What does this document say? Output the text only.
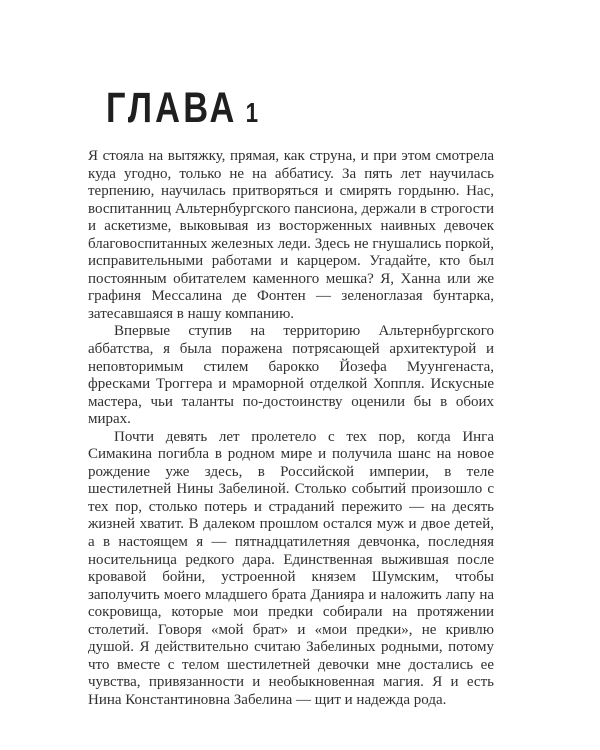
ГЛАВА 1

Я стояла на вытяжку, прямая, как струна, и при этом смотрела куда угодно, только не на аббатису. За пять лет научилась терпению, научилась притворяться и смирять гордыню. Нас, воспитанниц Альтернбургского пансиона, держали в строгости и аскетизме, выковывая из восторженных наивных девочек благовоспитанных железных леди. Здесь не гнушались поркой, исправительными работами и карцером. Угадайте, кто был постоянным обитателем каменного мешка? Я, Ханна или же графиня Мессалина де Фонтен — зеленоглазая бунтарка, затесавшаяся в нашу компанию.

Впервые ступив на территорию Альтернбургского аббатства, я была поражена потрясающей архитектурой и неповторимым стилем барокко Йозефа Муунгенаста, фресками Троггера и мраморной отделкой Хоппля. Искусные мастера, чьи таланты по-достоинству оценили бы в обоих мирах.

Почти девять лет пролетело с тех пор, когда Инга Симакина погибла в родном мире и получила шанс на новое рождение уже здесь, в Российской империи, в теле шестилетней Нины Забелиной. Столько событий произошло с тех пор, столько потерь и страданий пережито — на десять жизней хватит. В далеком прошлом остался муж и двое детей, а в настоящем я — пятнадцатилетняя девчонка, последняя носительница редкого дара. Единственная выжившая после кровавой бойни, устроенной князем Шумским, чтобы заполучить моего младшего брата Данияра и наложить лапу на сокровища, которые мои предки собирали на протяжении столетий. Говоря «мой брат» и «мои предки», не кривлю душой. Я действительно считаю Забелиных родными, потому что вместе с телом шестилетней девочки мне достались ее чувства, привязанности и необыкновенная магия. Я и есть Нина Константиновна Забелина — щит и надежда рода.
